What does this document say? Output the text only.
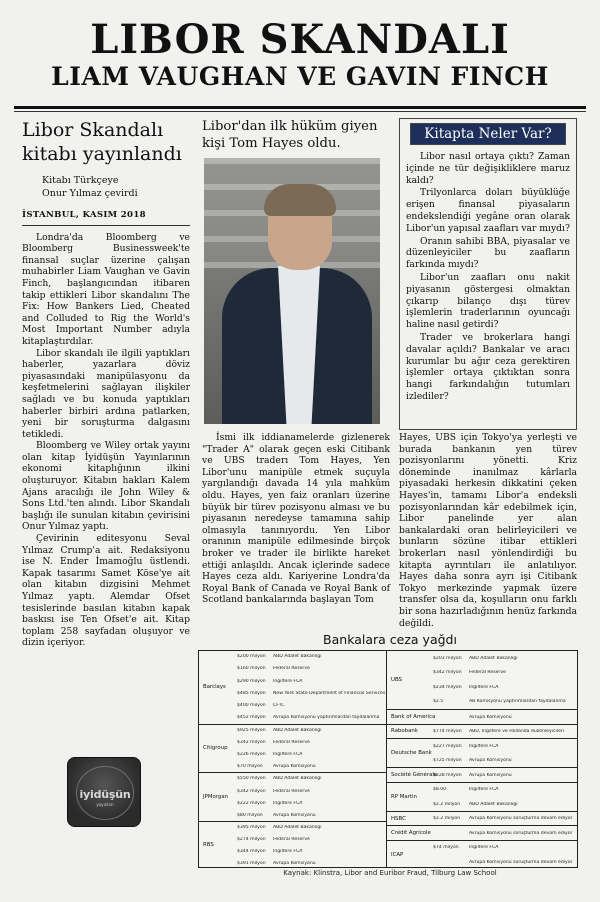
LIBOR SKANDALI
LIAM VAUGHAN VE GAVIN FINCH
Libor Skandalı kitabı yayınlandı
Kitabı Türkçeye
Onur Yılmaz çevirdi
İSTANBUL, KASIM 2018

Londra'da Bloomberg ve Bloomberg Businessweek'te finansal suçlar üzerine çalışan muhabirler Liam Vaughan ve Gavin Finch, başlangıcından itibaren takip ettikleri Libor skandalını The Fix: How Bankers Lied, Cheated and Colluded to Rig the World's Most Important Number adıyla kitaplaştırdılar.

Libor skandalı ile ilgili yaptıkları haberler, yazarlara döviz piyasasındaki manipülasyonu da keşfetmelerini sağlayan ilişkiler sağladı ve bu konuda yaptıkları haberler birbiri ardına patlarken, yeni bir soruşturma dalgasını tetikledi.

Bloomberg ve Wiley ortak yayını olan kitap İyidüşün Yayınlarının ekonomi kitaplığının ilkini oluşturuyor. Kitabın hakları Kalem Ajans aracılığı ile John Wiley & Sons Ltd.'ten alındı. Libor Skandalı başlığı ile sunulan kitabın çevirisini Onur Yılmaz yaptı.

Çevirinin editesyonu Seval Yılmaz Crump'a ait. Redaksiyonu ise N. Ender İmamoğlu üstlendi. Kapak tasarımı Samet Köse'ye ait olan kitabın dizgisini Mehmet Yılmaz yaptı. Alemdar Ofset tesislerinde basılan kitabın kapak baskısı ise Ten Ofset'e ait. Kitap toplam 258 sayfadan oluşuyor ve dizin içeriyor.

Libor'dan ilk hüküm giyen kişi Tom Hayes oldu.
Kitapta Neler Var?

Libor nasıl ortaya çıktı? Zaman içinde ne tür değişikliklere maruz kaldı?

Trilyonlarca doları büyüklüğe erişen finansal piyasaların endekslendiği yegâne oran olarak Libor'un yapısal zaafları var mıydı?

Oranın sahibi BBA, piyasalar ve düzenleyiciler bu zaafların farkında mıydı?

Libor'un zaafları onu nakit piyasanın göstergesi olmaktan çıkarıp bilanço dışı türev işlemlerin traderlarının oyuncağı haline nasıl getirdi?

Trader ve brokerlara hangi davalar açıldı? Bankalar ve aracı kurumlar bu ağır ceza gerektiren işlemler ortaya çıktıktan sonra hangi farkındalığın tutumları izlediler?

İsmi ilk iddianamelerde gizlenerek "Trader A" olarak geçen eski Citibank ve UBS traderı Tom Hayes, Yen Libor'unu manipüle etmek suçuyla yargılandığı davada 14 yıla mahkûm oldu. Hayes, yen faiz oranları üzerine büyük bir türev pozisyonu alması ve bu piyasanın neredeyse tamamına sahip olmasıyla tanınıyordu. Yen Libor oranının manipüle edilmesinde birçok broker ve trader ile birlikte hareket ettiği anlaşıldı. Ancak içlerinde sadece Hayes ceza aldı. Kariyerine Londra'da Royal Bank of Canada ve Royal Bank of Scotland bankalarında başlayan Tom

Hayes, UBS için Tokyo'ya yerleşti ve burada bankanın yen türev pozisyonlarını yönetti. Kriz döneminde inanılmaz kârlarla piyasadaki herkesin dikkatini çeken Hayes'in, tamamı Libor'a endeksli pozisyonlarından kâr edebilmek için, Libor panelinde yer alan bankalardaki oran belirleyicileri ve bunların sözüne itibar ettikleri brokerları nasıl yönlendirdiği bu kitapta ayrıntıları ile anlatılıyor. Hayes daha sonra ayrı işi Citibank Tokyo merkezinde yapmak üzere transfer olsa da, koşulların onu farklı bir sona hazırladığının henüz farkında değildi.

Bankalara ceza yağdı
Barclays
$200 milyon ABD Adalet Bakanlığı
$160 milyon Federal Reserve
$290 milyon İngiltere FCA
$485 milyon New York State Department of Financial Services
$400 milyon CFTC
$452 milyon Avrupa Komisyonu yaptırımlardan faydalanma
Citigroup
$925 milyon ABD Adalet Bakanlığı
$342 milyon Federal Reserve
$226 milyon İngiltere FCA
$70 milyon Avrupa Komisyonu
JPMorgan
$550 milyon ABD Adalet Bakanlığı
$342 milyon Federal Reserve
$222 milyon İngiltere FCA
$80 milyon Avrupa Komisyonu
RBS
$395 milyon ABD Adalet Bakanlığı
$274 milyon Federal Reserve
$344 milyon İngiltere FCA
$391 milyon Avrupa Komisyonu
UBS
$203 milyon ABD Adalet Bakanlığı
$342 milyon Federal Reserve
$234 milyon İngiltere FCA
$2.5	AB Komisyonu yaptırımlardan faydalanma
Bank of America	Avrupa Komisyonu
Rabobank	$774 milyon ABD, İngiltere ve Hollanda düzenleyicileri
Deutsche Bank
$227 milyon İngiltere FCA
$725 milyon Avrupa Komisyonu
Société Générale
$228 milyon Avrupa Komisyonu
RP Martin
$8.00	İngiltere FCA
$2.2 milyon ABD Adalet Bakanlığı
HSBC	$2.2 milyon Avrupa Komisyonu soruşturma devam ediyor
Crédit Agricole	Avrupa Komisyonu soruşturma devam ediyor
ICAP
$74 milyon İngiltere FCA
Avrupa Komisyonu soruşturma devam ediyor
Kaynak: Klinstra, Libor and Euribor Fraud, Tilburg Law School
iyidüşün
yayınları
